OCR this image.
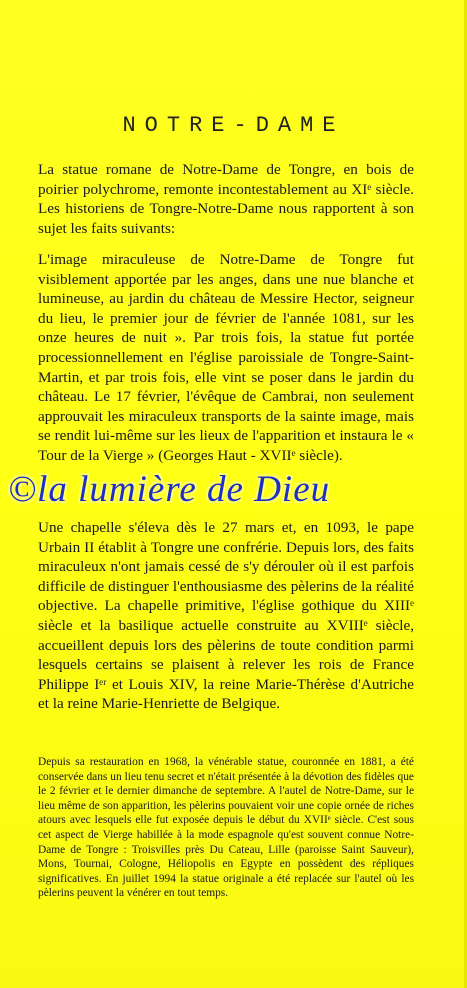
NOTRE-DAME

La statue romane de Notre-Dame de Tongre, en bois de poirier polychrome, remonte incontestablement au XIᵉ siècle. Les historiens de Tongre-Notre-Dame nous rapportent à son sujet les faits suivants:

L'image miraculeuse de Notre-Dame de Tongre fut visiblement apportée par les anges, dans une nue blanche et lumineuse, au jardin du château de Messire Hector, seigneur du lieu, le premier jour de février de l'année 1081, sur les onze heures de nuit ». Par trois fois, la statue fut portée processionnellement en l'église paroissiale de Tongre-Saint-Martin, et par trois fois, elle vint se poser dans le jardin du château. Le 17 février, l'évêque de Cambrai, non seulement approuvait les miraculeux transports de la sainte image, mais se rendit lui-même sur les lieux de l'apparition et instaura le « Tour de la Vierge » (Georges Haut - XVIIᵉ siècle).

Une chapelle s'éleva dès le 27 mars et, en 1093, le pape Urbain II établit à Tongre une confrérie. Depuis lors, des faits miraculeux n'ont jamais cessé de s'y dérouler où il est parfois difficile de distinguer l'enthousiasme des pèlerins de la réalité objective. La chapelle primitive, l'église gothique du XIIIᵉ siècle et la basilique actuelle construite au XVIIIᵉ siècle, accueillent depuis lors des pèlerins de toute condition parmi lesquels certains se plaisent à relever les rois de France Philippe Iᵉʳ et Louis XIV, la reine Marie-Thérèse d'Autriche et la reine Marie-Henriette de Belgique.

Depuis sa restauration en 1968, la vénérable statue, couronnée en 1881, a été conservée dans un lieu tenu secret et n'était présentée à la dévotion des fidèles que le 2 février et le dernier dimanche de septembre. A l'autel de Notre-Dame, sur le lieu même de son apparition, les pèlerins pouvaient voir une copie ornée de riches atours avec lesquels elle fut exposée depuis le début du XVIIᵉ siècle. C'est sous cet aspect de Vierge habillée à la mode espagnole qu'est souvent connue Notre-Dame de Tongre : Troisvilles près Du Cateau, Lille (paroisse Saint Sauveur), Mons, Tournai, Cologne, Héliopolis en Egypte en possèdent des répliques significatives. En juillet 1994 la statue originale a été replacée sur l'autel où les pèlerins peuvent la vénérer en tout temps.

©la lumière de Dieu
